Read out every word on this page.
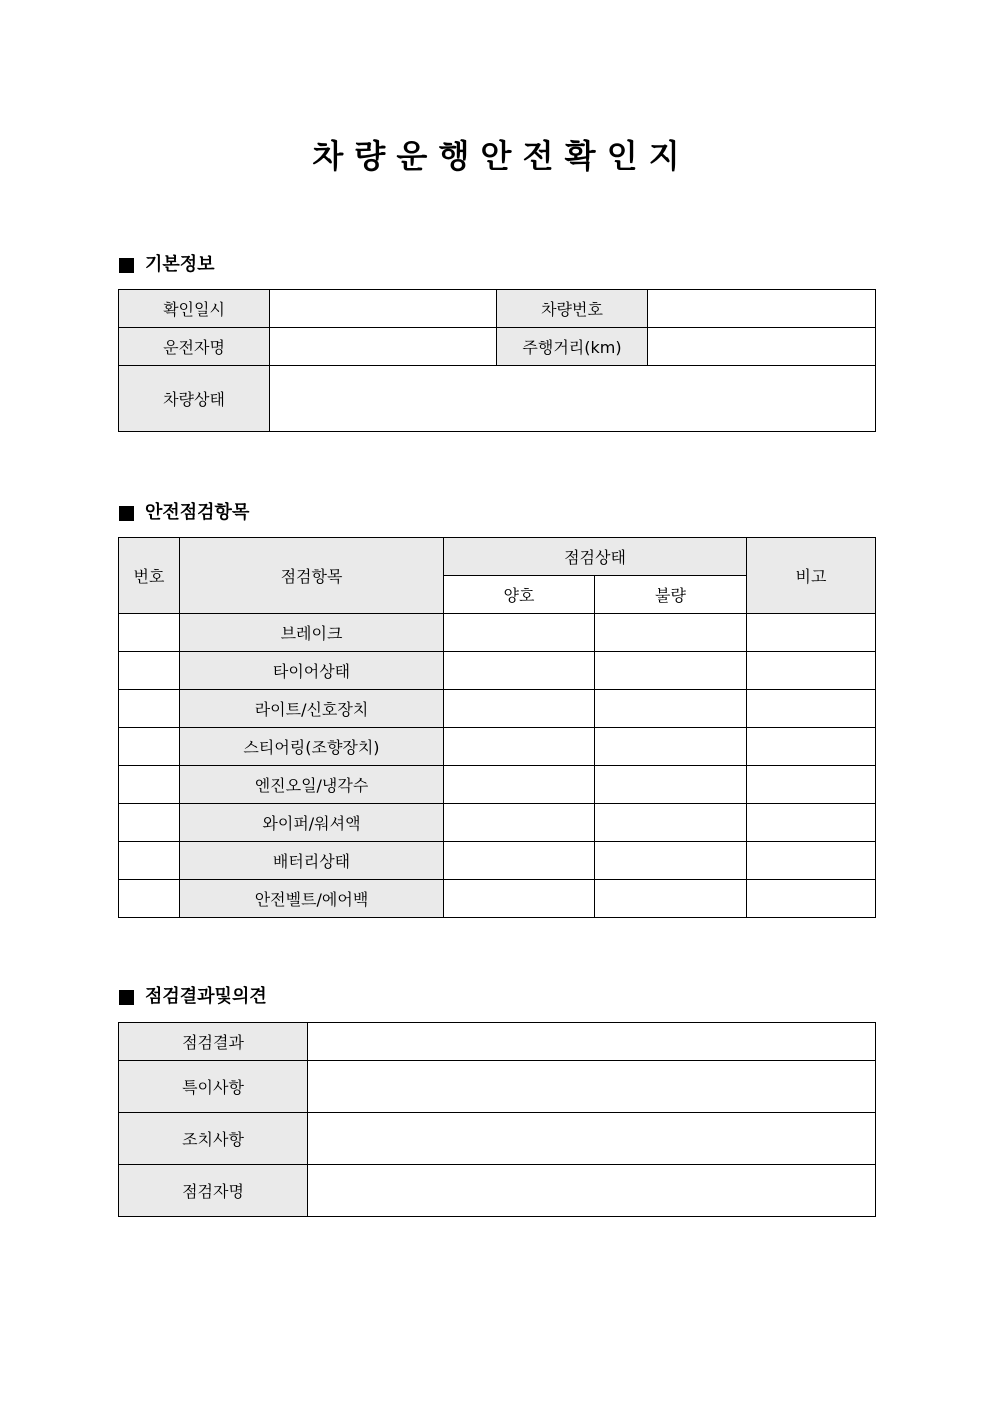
차 량 운 행 안 전 확 인 지
기본정보
확인일시		차량번호	
운전자명		주행거리(km)	
차량상태			
안전점검항목
번호	점검항목	점검상태		비고
		양호	불량	
	브레이크			
	타이어상태			
	라이트/신호장치			
	스티어링(조향장치)			
	엔진오일/냉각수			
	와이퍼/워셔액			
	배터리상태			
	안전벨트/에어백			
점검결과및의견
점검결과	
특이사항	
조치사항	
점검자명	
